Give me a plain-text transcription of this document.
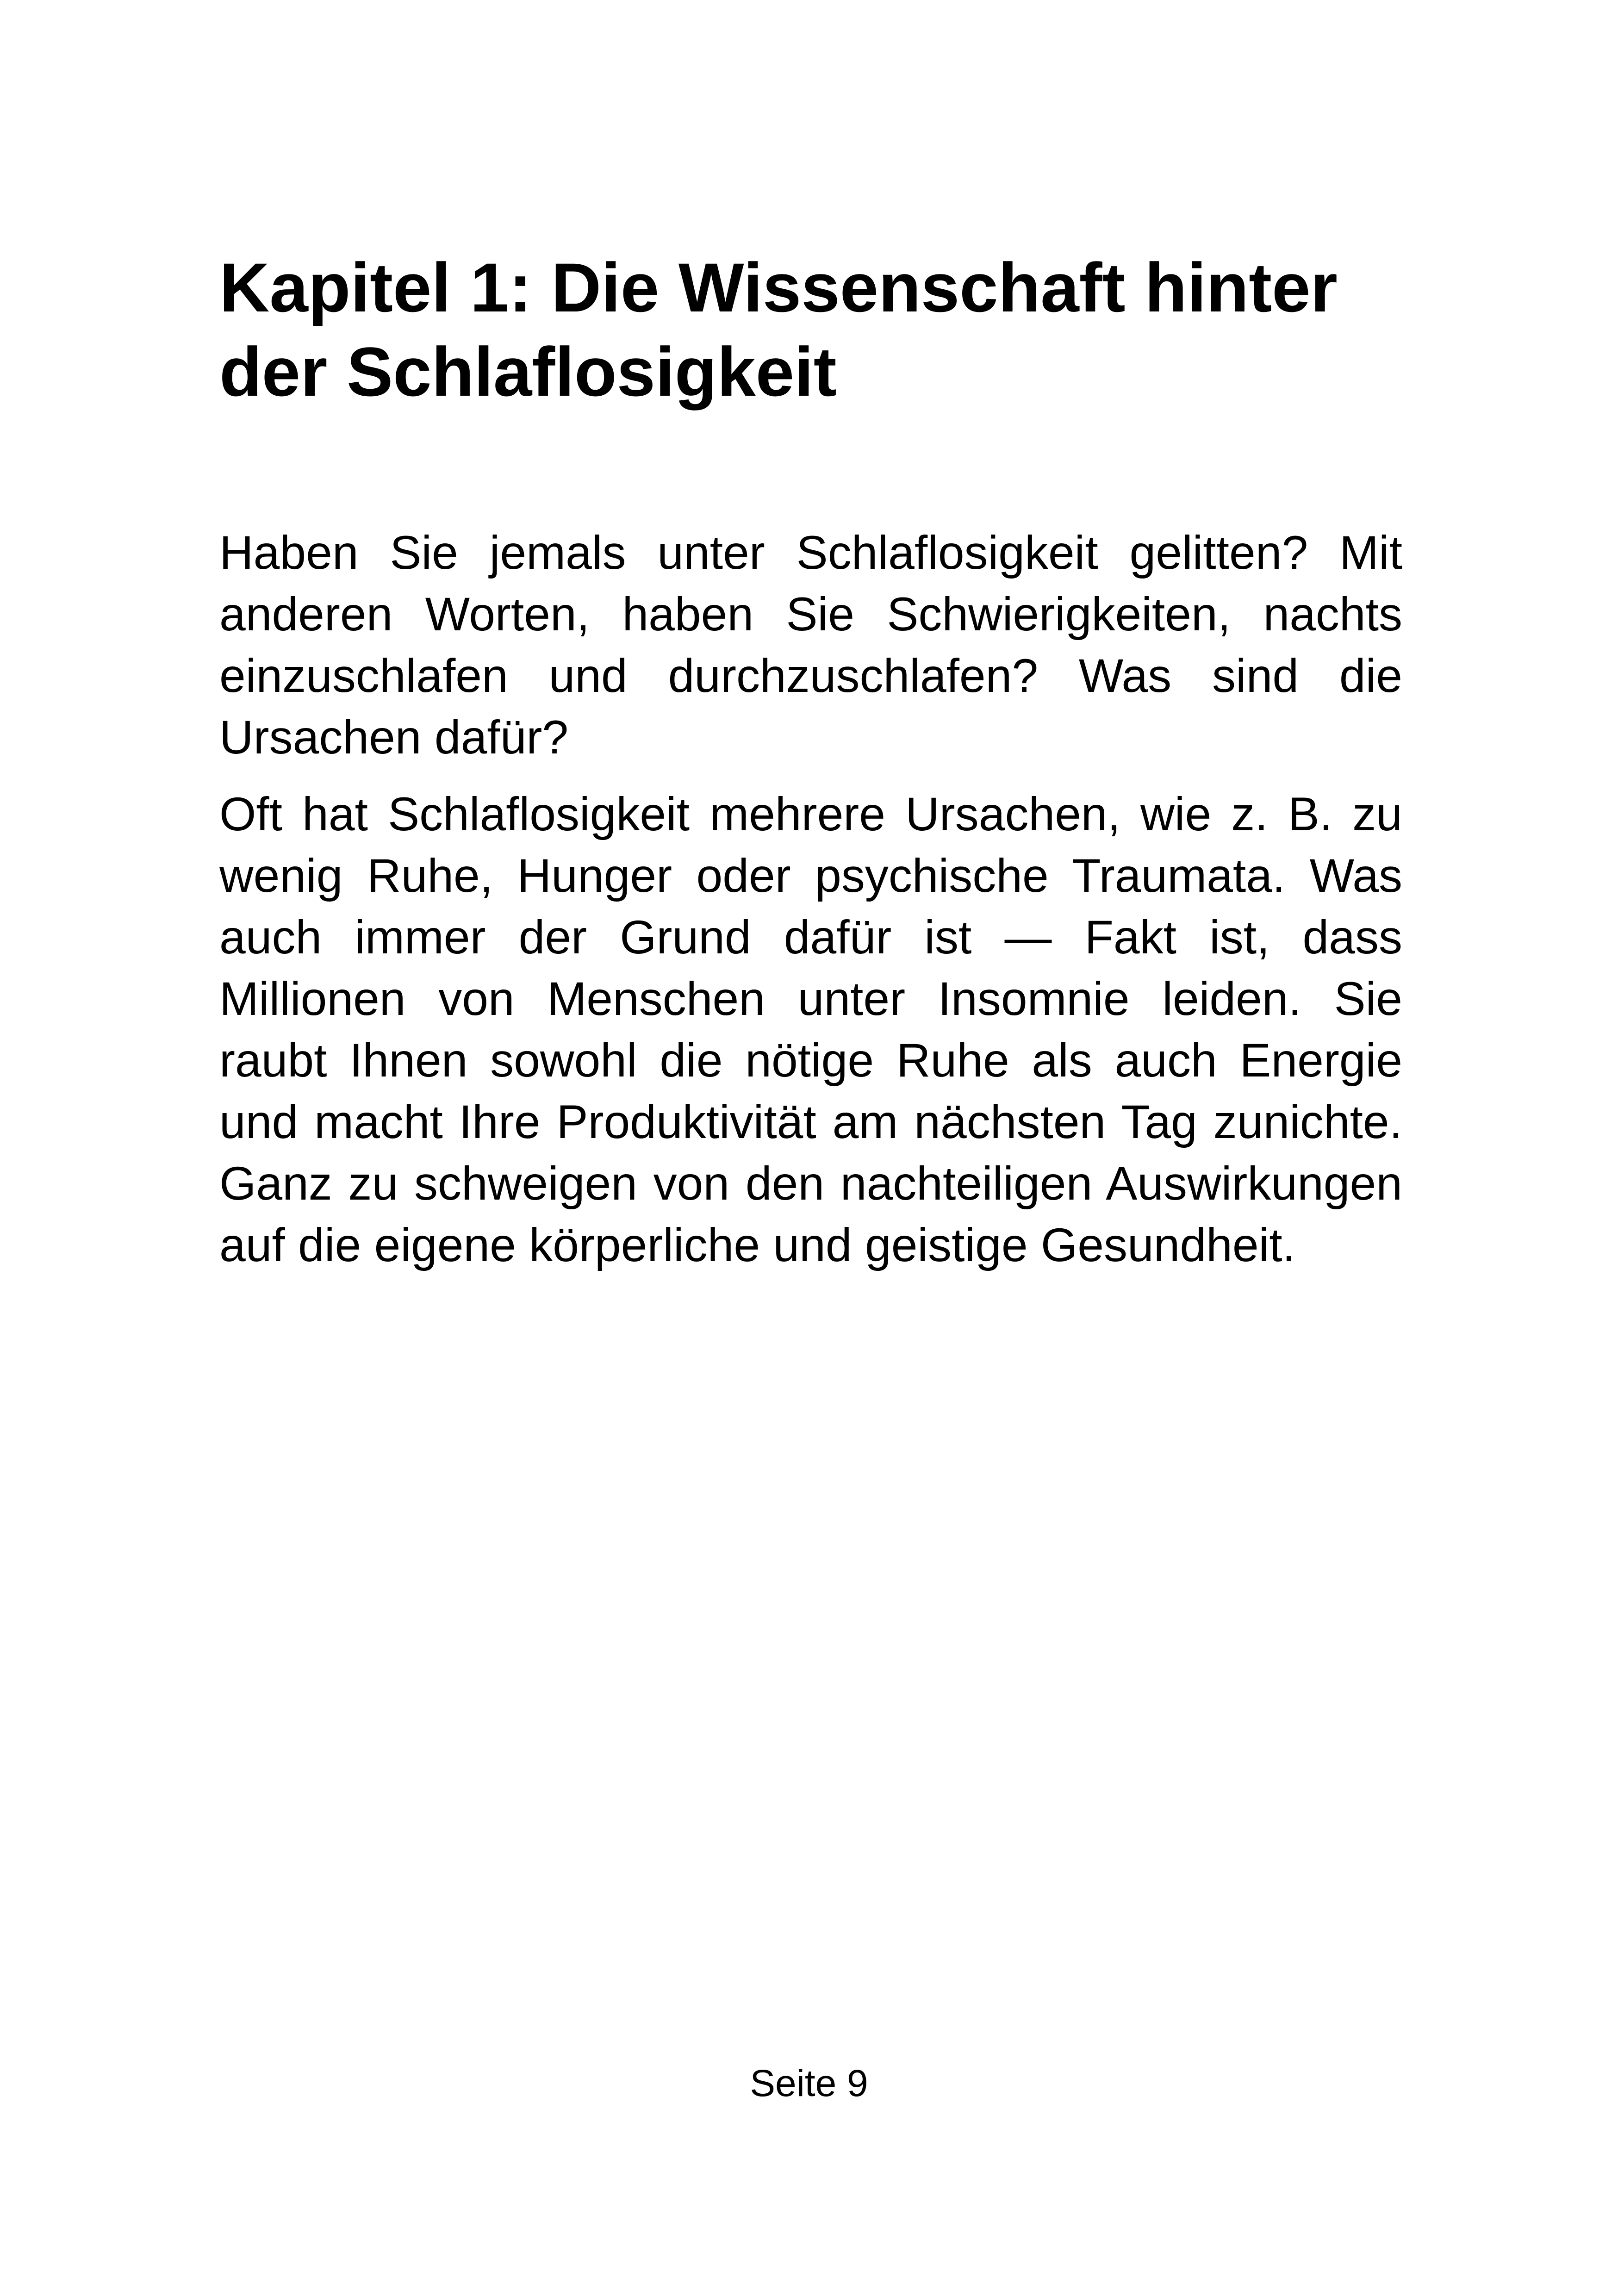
Kapitel 1: Die Wissenschaft hinter der Schlaflosigkeit

Haben Sie jemals unter Schlaflosigkeit gelitten? Mit anderen Worten, haben Sie Schwierigkeiten, nachts einzuschlafen und durchzuschlafen? Was sind die Ursachen dafür?

Oft hat Schlaflosigkeit mehrere Ursachen, wie z. B. zu wenig Ruhe, Hunger oder psychische Traumata. Was auch immer der Grund dafür ist — Fakt ist, dass Millionen von Menschen unter Insomnie leiden. Sie raubt Ihnen sowohl die nötige Ruhe als auch Energie und macht Ihre Produktivität am nächsten Tag zunichte. Ganz zu schweigen von den nachteiligen Auswirkungen auf die eigene körperliche und geistige Gesundheit.

Seite 9
